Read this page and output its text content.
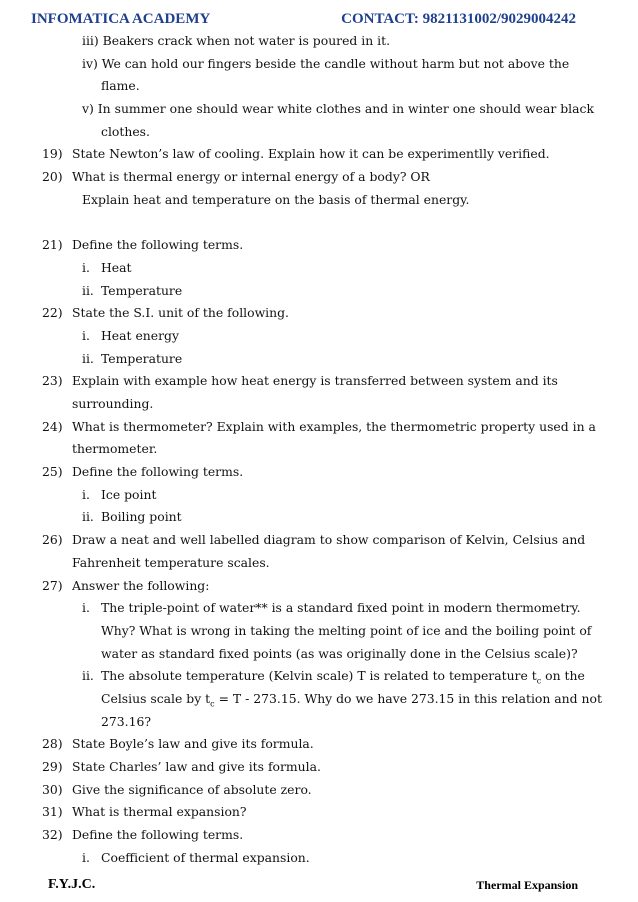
INFOMATICA ACADEMY	CONTACT: 9821131002/9029004242
iii) Beakers crack when not water is poured in it.
iv) We can hold our fingers beside the candle without harm but not above the
flame.
v) In summer one should wear white clothes and in winter one should wear black
clothes.
19) State Newton’s law of cooling. Explain how it can be experimentlly verified.
20) What is thermal energy or internal energy of a body? OR
Explain heat and temperature on the basis of thermal energy.
21) Define the following terms.
i. Heat
ii. Temperature
22) State the S.I. unit of the following.
i. Heat energy
ii. Temperature
23) Explain with example how heat energy is transferred between system and its
surrounding.
24) What is thermometer? Explain with examples, the thermometric property used in a
thermometer.
25) Define the following terms.
i. Ice point
ii. Boiling point
26) Draw a neat and well labelled diagram to show comparison of Kelvin, Celsius and
Fahrenheit temperature scales.
27) Answer the following:
i. The triple-point of water** is a standard fixed point in modern thermometry.
Why? What is wrong in taking the melting point of ice and the boiling point of
water as standard fixed points (as was originally done in the Celsius scale)?
ii. The absolute temperature (Kelvin scale) T is related to temperature $t_c$ on the
Celsius scale by $t_c = T - 273.15$. Why do we have 273.15 in this relation and not
273.16?
28) State Boyle’s law and give its formula.
29) State Charles’ law and give its formula.
30) Give the significance of absolute zero.
31) What is thermal expansion?
32) Define the following terms.
i. Coefficient of thermal expansion.
F.Y.J.C.	Thermal Expansion
